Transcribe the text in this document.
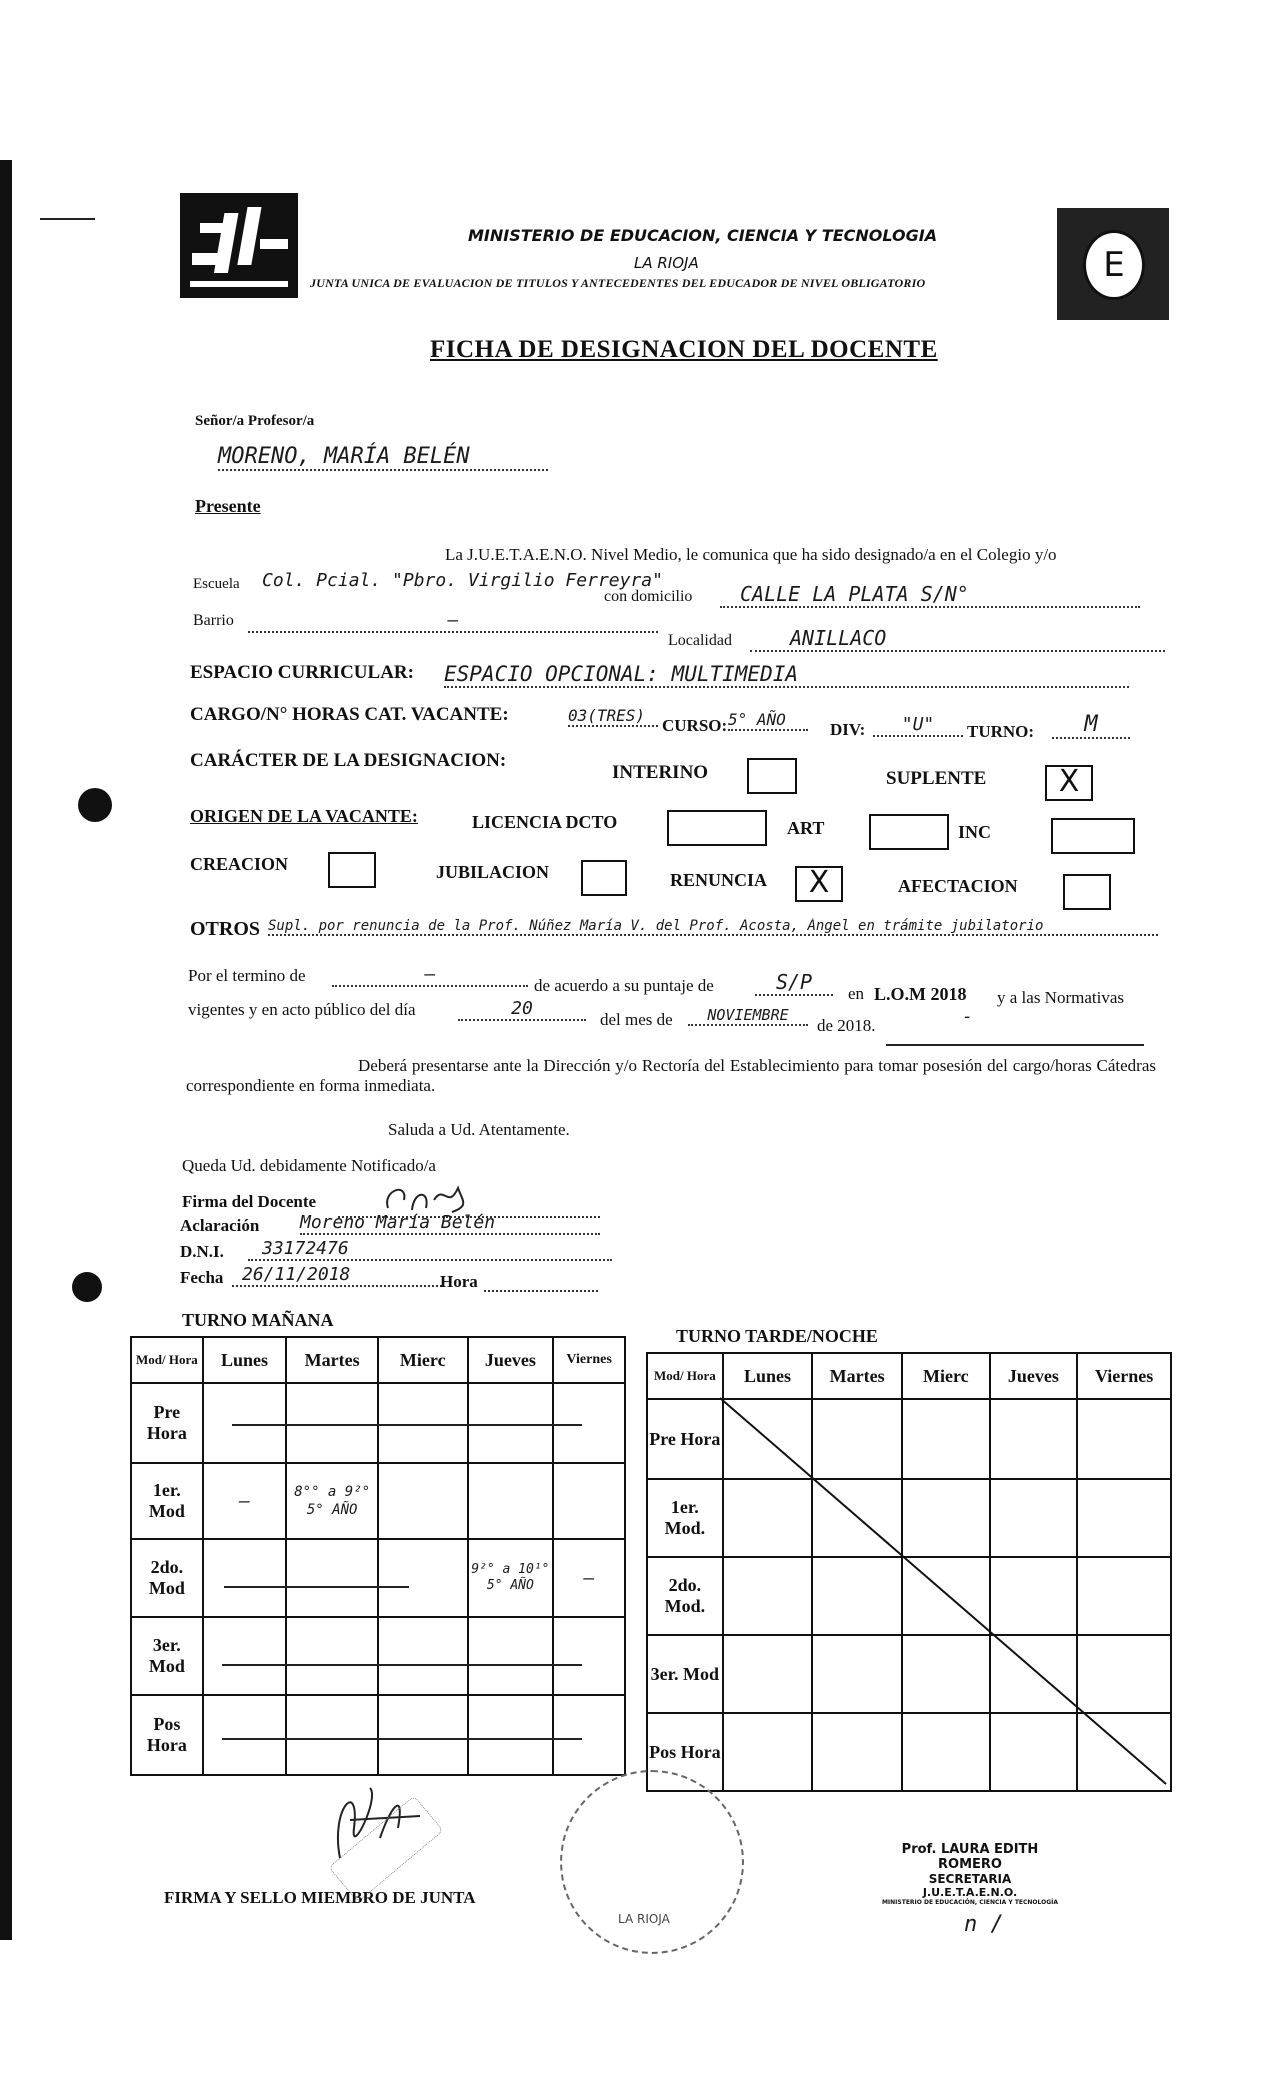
MINISTERIO DE EDUCACION, CIENCIA Y TECNOLOGIA
LA RIOJA
JUNTA UNICA DE EVALUACION DE TITULOS Y ANTECEDENTES DEL EDUCADOR DE NIVEL OBLIGATORIO	E
FICHA DE DESIGNACION DEL DOCENTE
Señor/a Profesor/a
MORENO, MARÍA BELÉN
Presente
La J.U.E.T.A.E.N.O. Nivel Medio, le comunica que ha sido designado/a en el Colegio y/o
Escuela Col. Pcial. "Pbro. Virgilio Ferreyra"
con domicilio	CALLE LA PLATA S/N°
Barrio	–
Localidad	ANILLACO
ESPACIO CURRICULAR: ESPACIO OPCIONAL: MULTIMEDIA
CARGO/N° HORAS CAT. VACANTE:	03(TRES)
CURSO: 5° AÑO
DIV:	"U"	TURNO:	M
CARÁCTER DE LA DESIGNACION:
INTERINO	SUPLENTE	X
ORIGEN DE LA VACANTE:	LICENCIA DCTO	ART	INC
CREACION	JUBILACION	RENUNCIA	X	AFECTACION
OTROS Supl. por renuncia de la Prof. Núñez María V. del Prof. Acosta, Ángel en trámite jubilatorio
Por el termino de	–
de acuerdo a su puntaje de	S/P	en L.O.M 2018 y a las Normativas
vigentes y en acto público del día	20
del mes de	NOVIEMBRE
de 2018.	-
Deberá presentarse ante la Dirección y/o Rectoría del Establecimiento para tomar posesión del cargo/horas Cátedras correspondiente en forma inmediata.
Saluda a Ud. Atentamente.
Queda Ud. debidamente Notificado/a
Firma del Docente
Aclaración Moreno María Belén
D.N.I.	33172476
Fecha	26/11/2018	Hora
TURNO MAÑANA
TURNO TARDE/NOCHE
Mod/ Hora	Lunes	Martes	Mierc	Jueves	Viernes
Pre Hora					
1er. Mod	–	8°° a 9²° 5° AÑO			
2do. Mod				9²° a 10¹° 5° AÑO	–
3er. Mod					
Pos Hora					
Mod/ Hora	Lunes	Martes	Mierc	Jueves	Viernes
Pre Hora					
1er. Mod.					
2do. Mod.					
3er. Mod					
Pos Hora					
LA RIOJA
FIRMA Y SELLO MIEMBRO DE JUNTA
Prof. LAURA EDITH ROMERO
SECRETARIA
J.U.E.T.A.E.N.O.
MINISTERIO DE EDUCACIÓN, CIENCIA Y TECNOLOGÍA
n /
